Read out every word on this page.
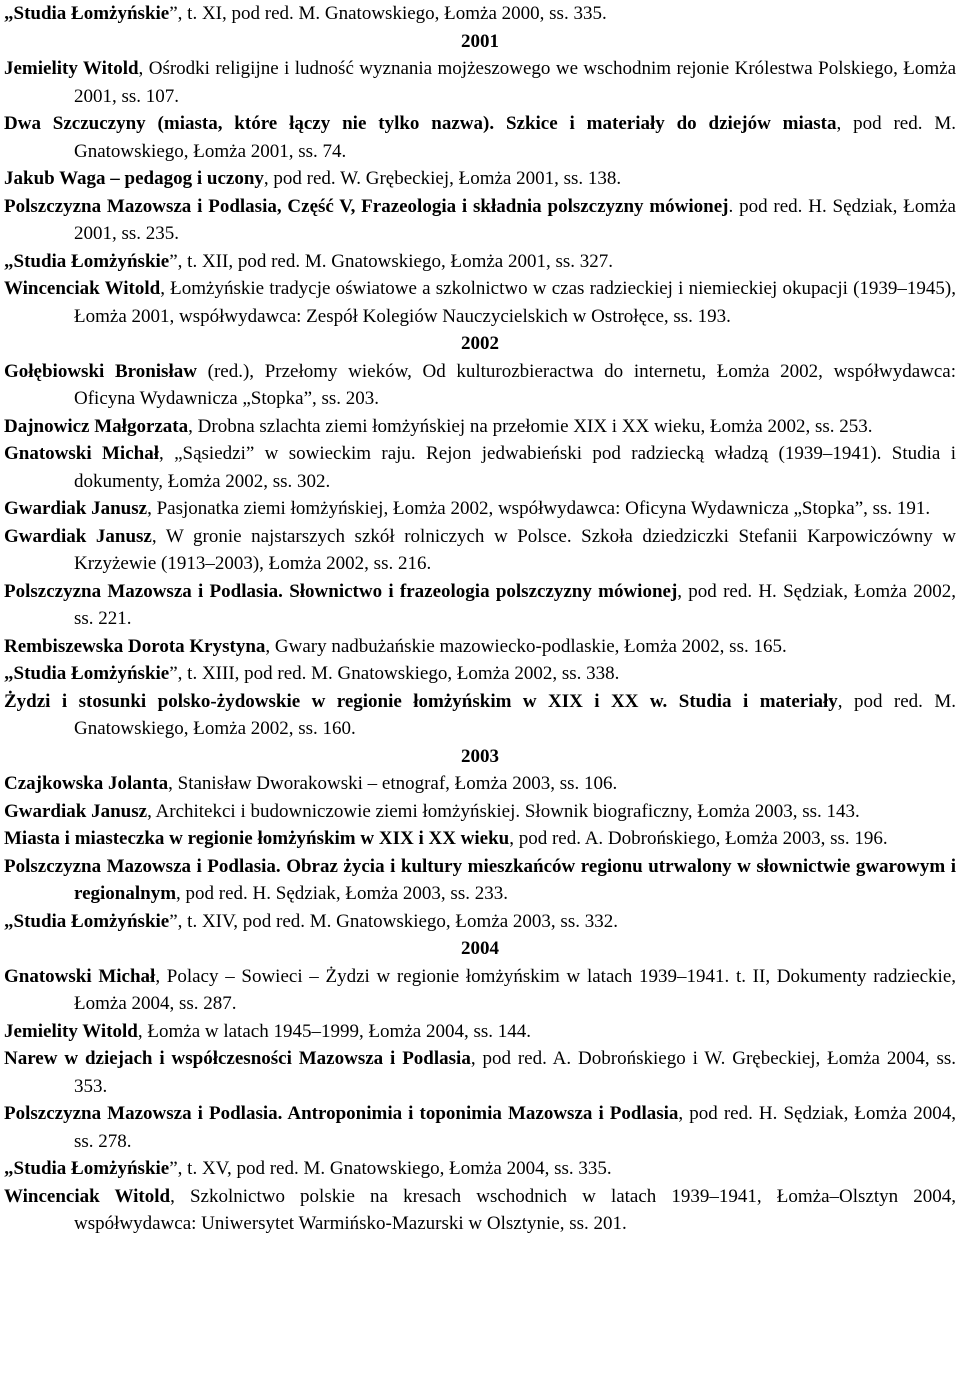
„Studia Łomżyńskie”, t. XI, pod red. M. Gnatowskiego, Łomża 2000, ss. 335.

2001

Jemielity Witold, Ośrodki religijne i ludność wyznania mojżeszowego we wschodnim rejonie Królestwa Polskiego, Łomża 2001, ss. 107.

Dwa Szczuczyny (miasta, które łączy nie tylko nazwa). Szkice i materiały do dziejów miasta, pod red. M. Gnatowskiego, Łomża 2001, ss. 74.

Jakub Waga – pedagog i uczony, pod red. W. Grębeckiej, Łomża 2001, ss. 138.

Polszczyzna Mazowsza i Podlasia, Część V, Frazeologia i składnia polszczyzny mówionej. pod red. H. Sędziak, Łomża 2001, ss. 235.

„Studia Łomżyńskie”, t. XII, pod red. M. Gnatowskiego, Łomża 2001, ss. 327.

Wincenciak Witold, Łomżyńskie tradycje oświatowe a szkolnictwo w czas radzieckiej i niemieckiej okupacji (1939–1945), Łomża 2001, współwydawca: Zespół Kolegiów Nauczycielskich w Ostrołęce, ss. 193.

2002

Gołębiowski Bronisław (red.), Przełomy wieków, Od kulturozbieractwa do internetu, Łomża 2002, współwydawca: Oficyna Wydawnicza „Stopka”, ss. 203.

Dajnowicz Małgorzata, Drobna szlachta ziemi łomżyńskiej na przełomie XIX i XX wieku, Łomża 2002, ss. 253.

Gnatowski Michał, „Sąsiedzi” w sowieckim raju. Rejon jedwabieński pod radziecką władzą (1939–1941). Studia i dokumenty, Łomża 2002, ss. 302.

Gwardiak Janusz, Pasjonatka ziemi łomżyńskiej, Łomża 2002, współwydawca: Oficyna Wydawnicza „Stopka”, ss. 191.

Gwardiak Janusz, W gronie najstarszych szkół rolniczych w Polsce. Szkoła dziedziczki Stefanii Karpowiczówny w Krzyżewie (1913–2003), Łomża 2002, ss. 216.

Polszczyzna Mazowsza i Podlasia. Słownictwo i frazeologia polszczyzny mówionej, pod red. H. Sędziak, Łomża 2002, ss. 221.

Rembiszewska Dorota Krystyna, Gwary nadbużańskie mazowiecko-podlaskie, Łomża 2002, ss. 165.

„Studia Łomżyńskie”, t. XIII, pod red. M. Gnatowskiego, Łomża 2002, ss. 338.

Żydzi i stosunki polsko-żydowskie w regionie łomżyńskim w XIX i XX w. Studia i materiały, pod red. M. Gnatowskiego, Łomża 2002, ss. 160.

2003

Czajkowska Jolanta, Stanisław Dworakowski – etnograf, Łomża 2003, ss. 106.

Gwardiak Janusz, Architekci i budowniczowie ziemi łomżyńskiej. Słownik biograficzny, Łomża 2003, ss. 143.

Miasta i miasteczka w regionie łomżyńskim w XIX i XX wieku, pod red. A. Dobrońskiego, Łomża 2003, ss. 196.

Polszczyzna Mazowsza i Podlasia. Obraz życia i kultury mieszkańców regionu utrwalony w słownictwie gwarowym i regionalnym, pod red. H. Sędziak, Łomża 2003, ss. 233.

„Studia Łomżyńskie”, t. XIV, pod red. M. Gnatowskiego, Łomża 2003, ss. 332.

2004

Gnatowski Michał, Polacy – Sowieci – Żydzi w regionie łomżyńskim w latach 1939–1941. t. II, Dokumenty radzieckie, Łomża 2004, ss. 287.

Jemielity Witold, Łomża w latach 1945–1999, Łomża 2004, ss. 144.

Narew w dziejach i współczesności Mazowsza i Podlasia, pod red. A. Dobrońskiego i W. Grębeckiej, Łomża 2004, ss. 353.

Polszczyzna Mazowsza i Podlasia. Antroponimia i toponimia Mazowsza i Podlasia, pod red. H. Sędziak, Łomża 2004, ss. 278.

„Studia Łomżyńskie”, t. XV, pod red. M. Gnatowskiego, Łomża 2004, ss. 335.

Wincenciak Witold, Szkolnictwo polskie na kresach wschodnich w latach 1939–1941, Łomża–Olsztyn 2004, współwydawca: Uniwersytet Warmińsko-Mazurski w Olsztynie, ss. 201.
